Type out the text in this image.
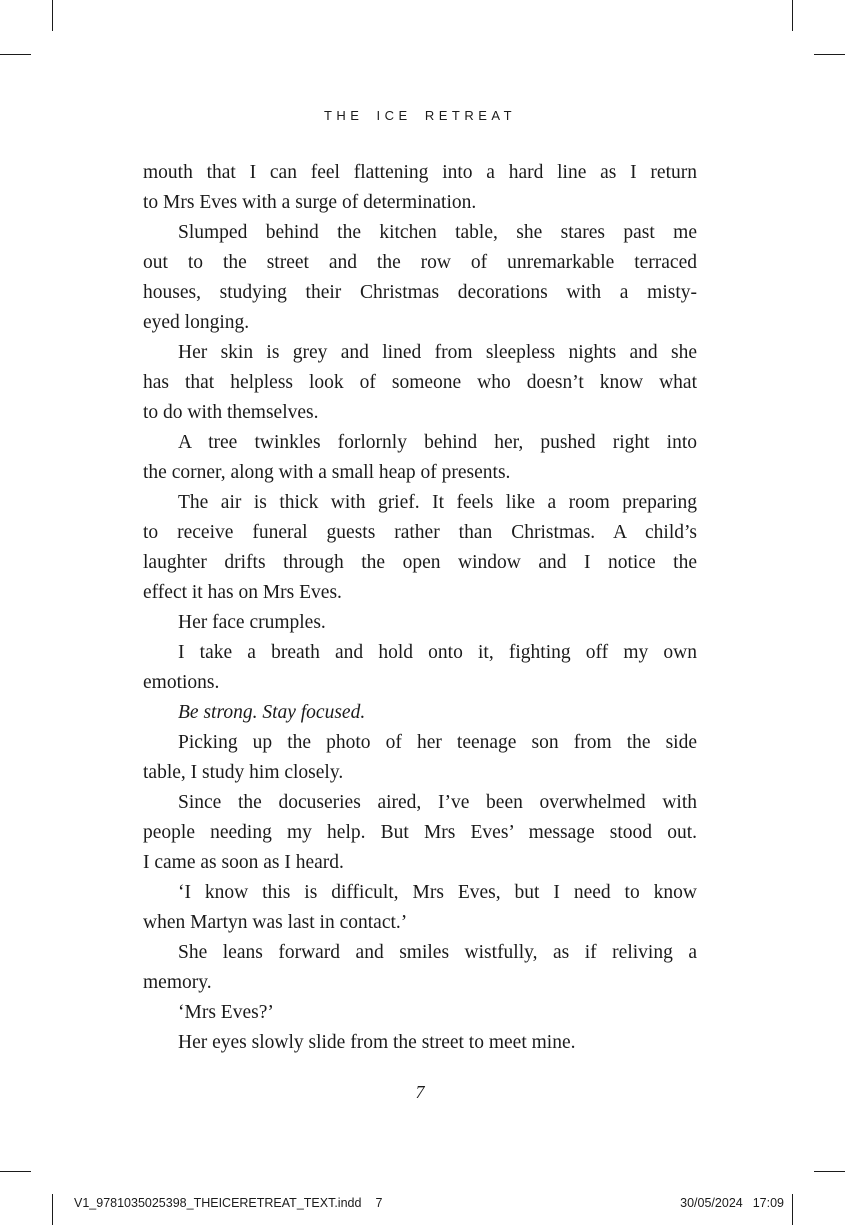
THE ICE RETREAT
mouth that I can feel flattening into a hard line as I return
to Mrs Eves with a surge of determination.
Slumped behind the kitchen table, she stares past me
out to the street and the row of unremarkable terraced
houses, studying their Christmas decorations with a misty-
eyed longing.
Her skin is grey and lined from sleepless nights and she
has that helpless look of someone who doesn’t know what
to do with themselves.
A tree twinkles forlornly behind her, pushed right into
the corner, along with a small heap of presents.
The air is thick with grief. It feels like a room preparing
to receive funeral guests rather than Christmas. A child’s
laughter drifts through the open window and I notice the
effect it has on Mrs Eves.
Her face crumples.
I take a breath and hold onto it, fighting off my own
emotions.
Be strong. Stay focused.
Picking up the photo of her teenage son from the side
table, I study him closely.
Since the docuseries aired, I’ve been overwhelmed with
people needing my help. But Mrs Eves’ message stood out.
I came as soon as I heard.
‘I know this is difficult, Mrs Eves, but I need to know
when Martyn was last in contact.’
She leans forward and smiles wistfully, as if reliving a
memory.
‘Mrs Eves?’
Her eyes slowly slide from the street to meet mine.
7
V1_9781035025398_THEICERETREAT_TEXT.indd 7	30/05/2024 17:09
